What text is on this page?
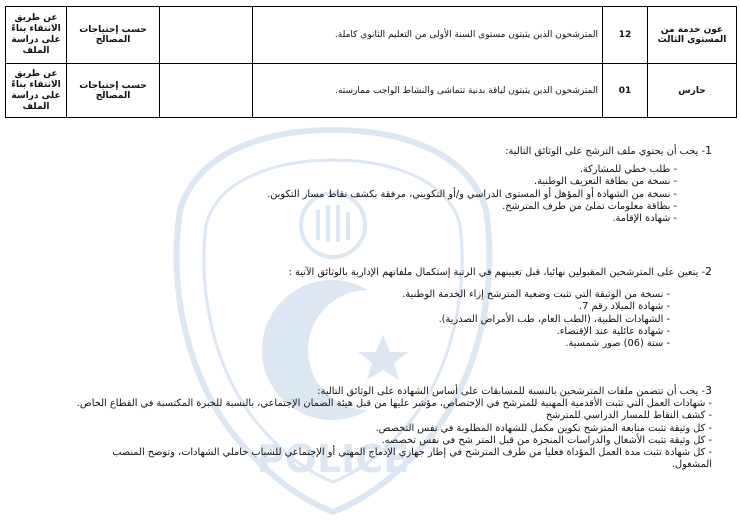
POLICE
عون خدمة من المستوى الثالث	12	المترشحون الذين يثبتون مستوى السنة الأولى من التعليم الثانوي كاملة.		حسب إحتياجات المصالح	عن طريق الانتقاء بناءً على دراسة الملف
حارس	01	المترشحون الذين يثبتون لياقة بدنية تتماشى والنشاط الواجب ممارسته.		حسب إحتياجات المصالح	عن طريق الانتقاء بناءً على دراسة الملف
1- يجب أن يحتوي ملف الترشح على الوثائق التالية:
- طلب خطي للمشاركة.
- نسخة من بطاقة التعريف الوطنية.
- نسخة من الشهادة أو المؤهل أو المستوى الدراسي و/أو التكويني، مرفقة بكشف نقاط مسار التكوين.
- بطاقة معلومات تملئ من طرف المترشح.
- شهادة الإقامة.
2- يتعين على المترشحين المقبولين نهائيا، قبل تعيينهم في الرتبة إستكمال ملفاتهم الإدارية بالوثائق الآتية :
- نسخة من الوثيقة التي تثبت وضعية المترشح إزاء الخدمة الوطنية.
- شهادة الميلاد رقم 7.
- الشهادات الطبية، (الطب العام، طب الأمراض الصدرية).
- شهادة عائلية عند الإقتضاء.
- ستة (06) صور شمسية.
3- يجب أن تتضمن ملفات المترشحين بالنسبة للمسابقات على أساس الشهادة على الوثائق التالية:
- شهادات العمل التي تثبت الأقدمية المهنية للمترشح في الإختصاص، مؤشر عليها من قبل هيئة الضمان الإجتماعي، بالنسبة للخبرة المكتسبة في القطاع الخاص.
- كشف النقاط للمسار الدراسي للمترشح
- كل وثيقة تثبت متابعة المترشح تكوين مكمل للشهادة المطلوبة في نفس التخصص.
- كل وثيقة تثبت الأشغال والدراسات المنجزة من قبل المتر شح في نفس تخصصه.
- كل شهادة تثبت مدة العمل المؤداة فعليا من طرف المترشح في إطار جهازي الإدماج المهني أو الإجتماعي للشباب حاملي الشهادات، وتوضح المنصب
المشغول.
